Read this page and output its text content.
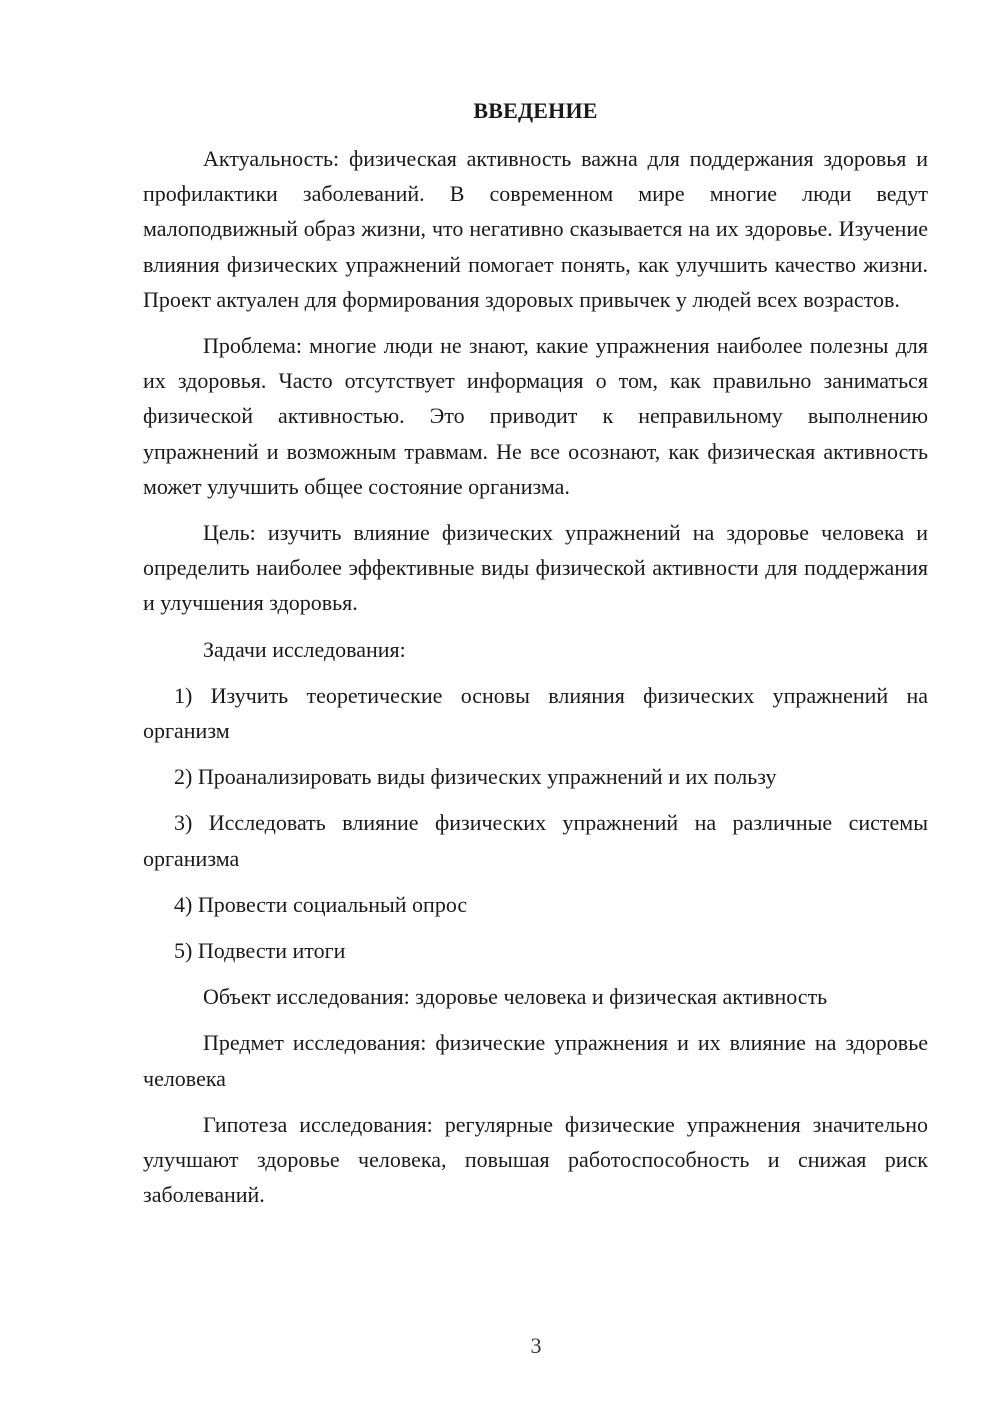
ВВЕДЕНИЕ

Актуальность: физическая активность важна для поддержания здоровья и профилактики заболеваний. В современном мире многие люди ведут малоподвижный образ жизни, что негативно сказывается на их здоровье. Изучение влияния физических упражнений помогает понять, как улучшить качество жизни. Проект актуален для формирования здоровых привычек у людей всех возрастов.

Проблема: многие люди не знают, какие упражнения наиболее полезны для их здоровья. Часто отсутствует информация о том, как правильно заниматься физической активностью. Это приводит к неправильному выполнению упражнений и возможным травмам. Не все осознают, как физическая активность может улучшить общее состояние организма.

Цель: изучить влияние физических упражнений на здоровье человека и определить наиболее эффективные виды физической активности для поддержания и улучшения здоровья.

Задачи исследования:

1) Изучить теоретические основы влияния физических упражнений на организм

2) Проанализировать виды физических упражнений и их пользу

3) Исследовать влияние физических упражнений на различные системы организма

4) Провести социальный опрос

5) Подвести итоги

Объект исследования: здоровье человека и физическая активность

Предмет исследования: физические упражнения и их влияние на здоровье человека

Гипотеза исследования: регулярные физические упражнения значительно улучшают здоровье человека, повышая работоспособность и снижая риск заболеваний.

3
